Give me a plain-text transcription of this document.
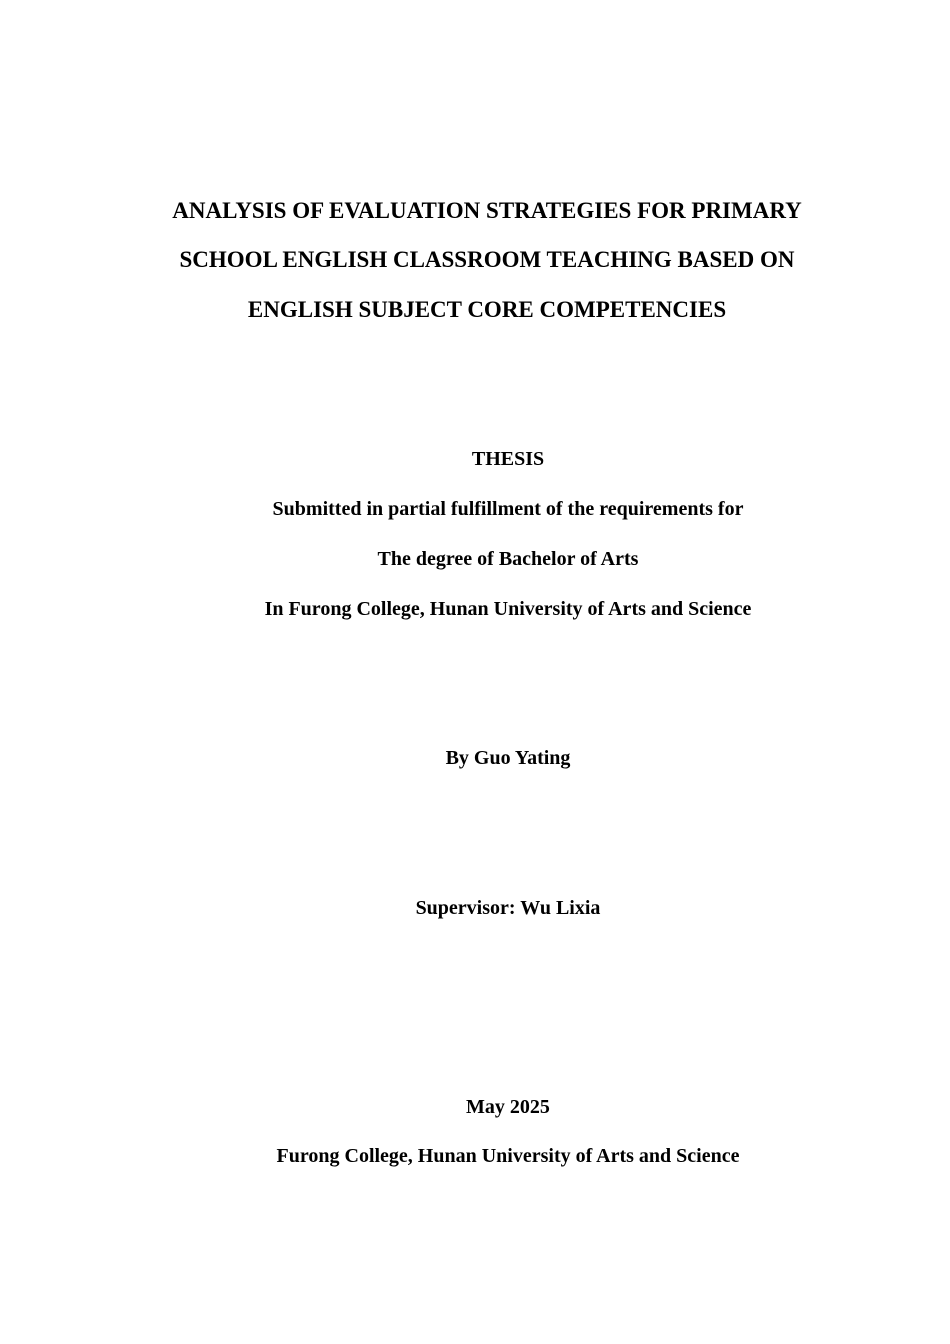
ANALYSIS OF EVALUATION STRATEGIES FOR PRIMARY
SCHOOL ENGLISH CLASSROOM TEACHING BASED ON
ENGLISH SUBJECT CORE COMPETENCIES
THESIS
Submitted in partial fulfillment of the requirements for
The degree of Bachelor of Arts
In Furong College, Hunan University of Arts and Science
By Guo Yating
Supervisor: Wu Lixia
May 2025
Furong College, Hunan University of Arts and Science
